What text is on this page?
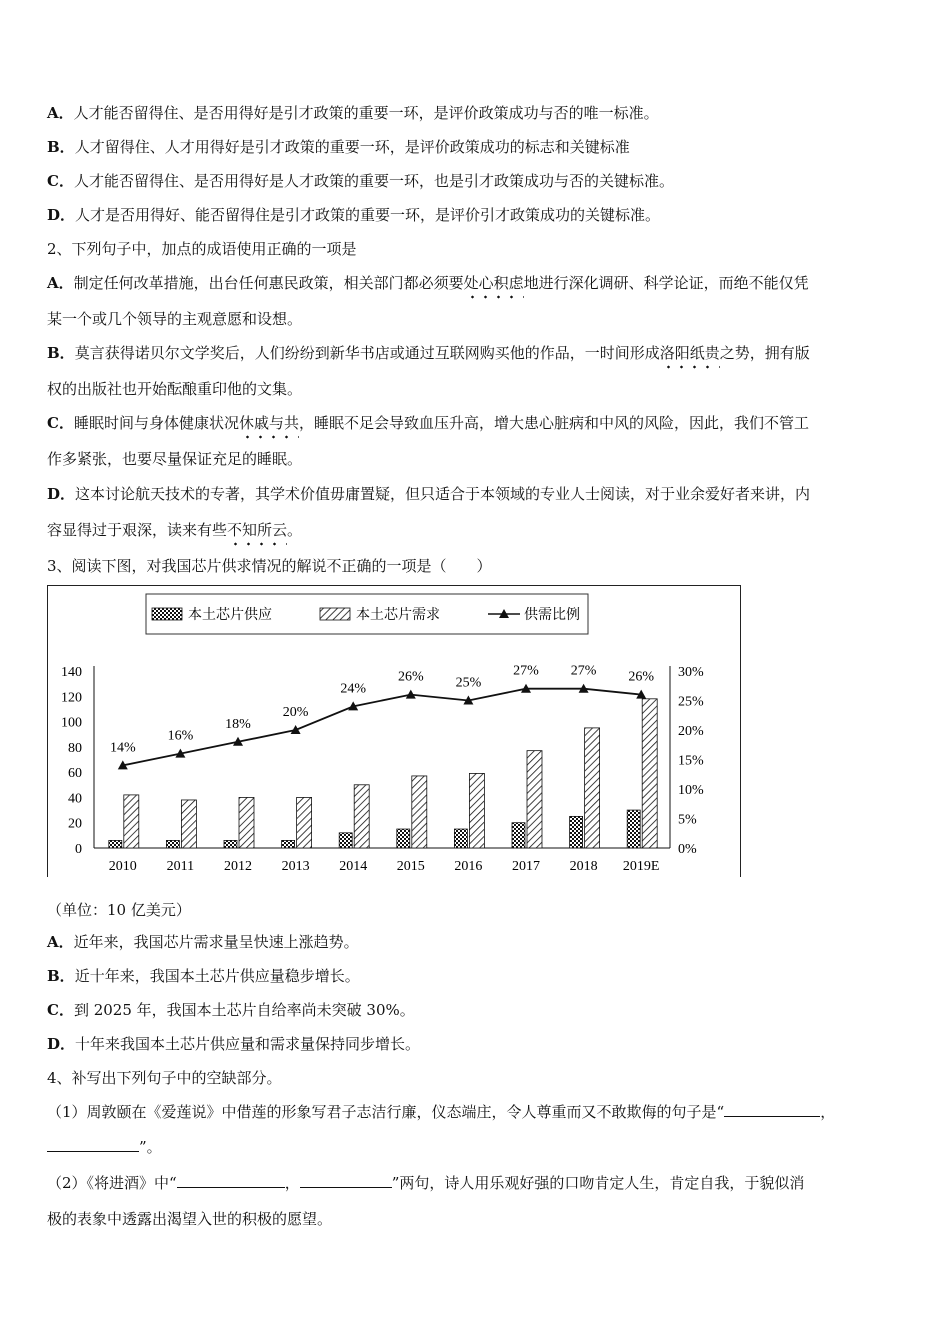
A．人才能否留得住、是否用得好是引才政策的重要一环，是评价政策成功与否的唯一标准。
B．人才留得住、人才用得好是引才政策的重要一环，是评价政策成功的标志和关键标准
C．人才能否留得住、是否用得好是人才政策的重要一环，也是引才政策成功与否的关键标准。
D．人才是否用得好、能否留得住是引才政策的重要一环，是评价引才政策成功的关键标准。
2、下列句子中，加点的成语使用正确的一项是
A．制定任何改革措施，出台任何惠民政策，相关部门都必须要处心积虑
地进行深化调研、科学论证，而绝不能仅凭
某一个或几个领导的主观意愿和设想。
B．莫言获得诺贝尔文学奖后，人们纷纷到新华书店或通过互联网购买他的作品，一时间形成洛阳纸贵
之势，拥有版
权的出版社也开始酝酿重印他的文集。
C．睡眠时间与身体健康状况休戚与共
，睡眠不足会导致血压升高，增大患心脏病和中风的风险，因此，我们不管工
作多紧张，也要尽量保证充足的睡眠。
D．这本讨论航天技术的专著，其学术价值毋庸置疑，但只适合于本领域的专业人士阅读，对于业余爱好者来讲，内
容显得过于艰深，读来有些不知所云
。
3、阅读下图，对我国芯片供求情况的解说不正确的一项是（　　）
本土芯片供应	本土芯片需求	供需比例
0
20
40
60
80
100
120
140
0%
5%
10%
15%
20%
25%
30%
2010 2011 2012 2013 2014 2015 2016 2017 2018 2019E
14%
16%
18%
20%
24%
26% 25%
27% 27% 26%
（单位：10 亿美元）
A．近年来，我国芯片需求量呈快速上涨趋势。
B．近十年来，我国本土芯片供应量稳步增长。
C．到 2025 年，我国本土芯片自给率尚未突破 30%。
D．十年来我国本土芯片供应量和需求量保持同步增长。
4、补写出下列句子中的空缺部分。
（1）周敦颐在《爱莲说》中借莲的形象写君子志洁行廉，仪态端庄，令人尊重而又不敢欺侮的句子是“	，
”。
（2）《将进酒》中“	，	”两句，诗人用乐观好强的口吻肯定人生，肯定自我，于貌似消
极的表象中透露出渴望入世的积极的愿望。
